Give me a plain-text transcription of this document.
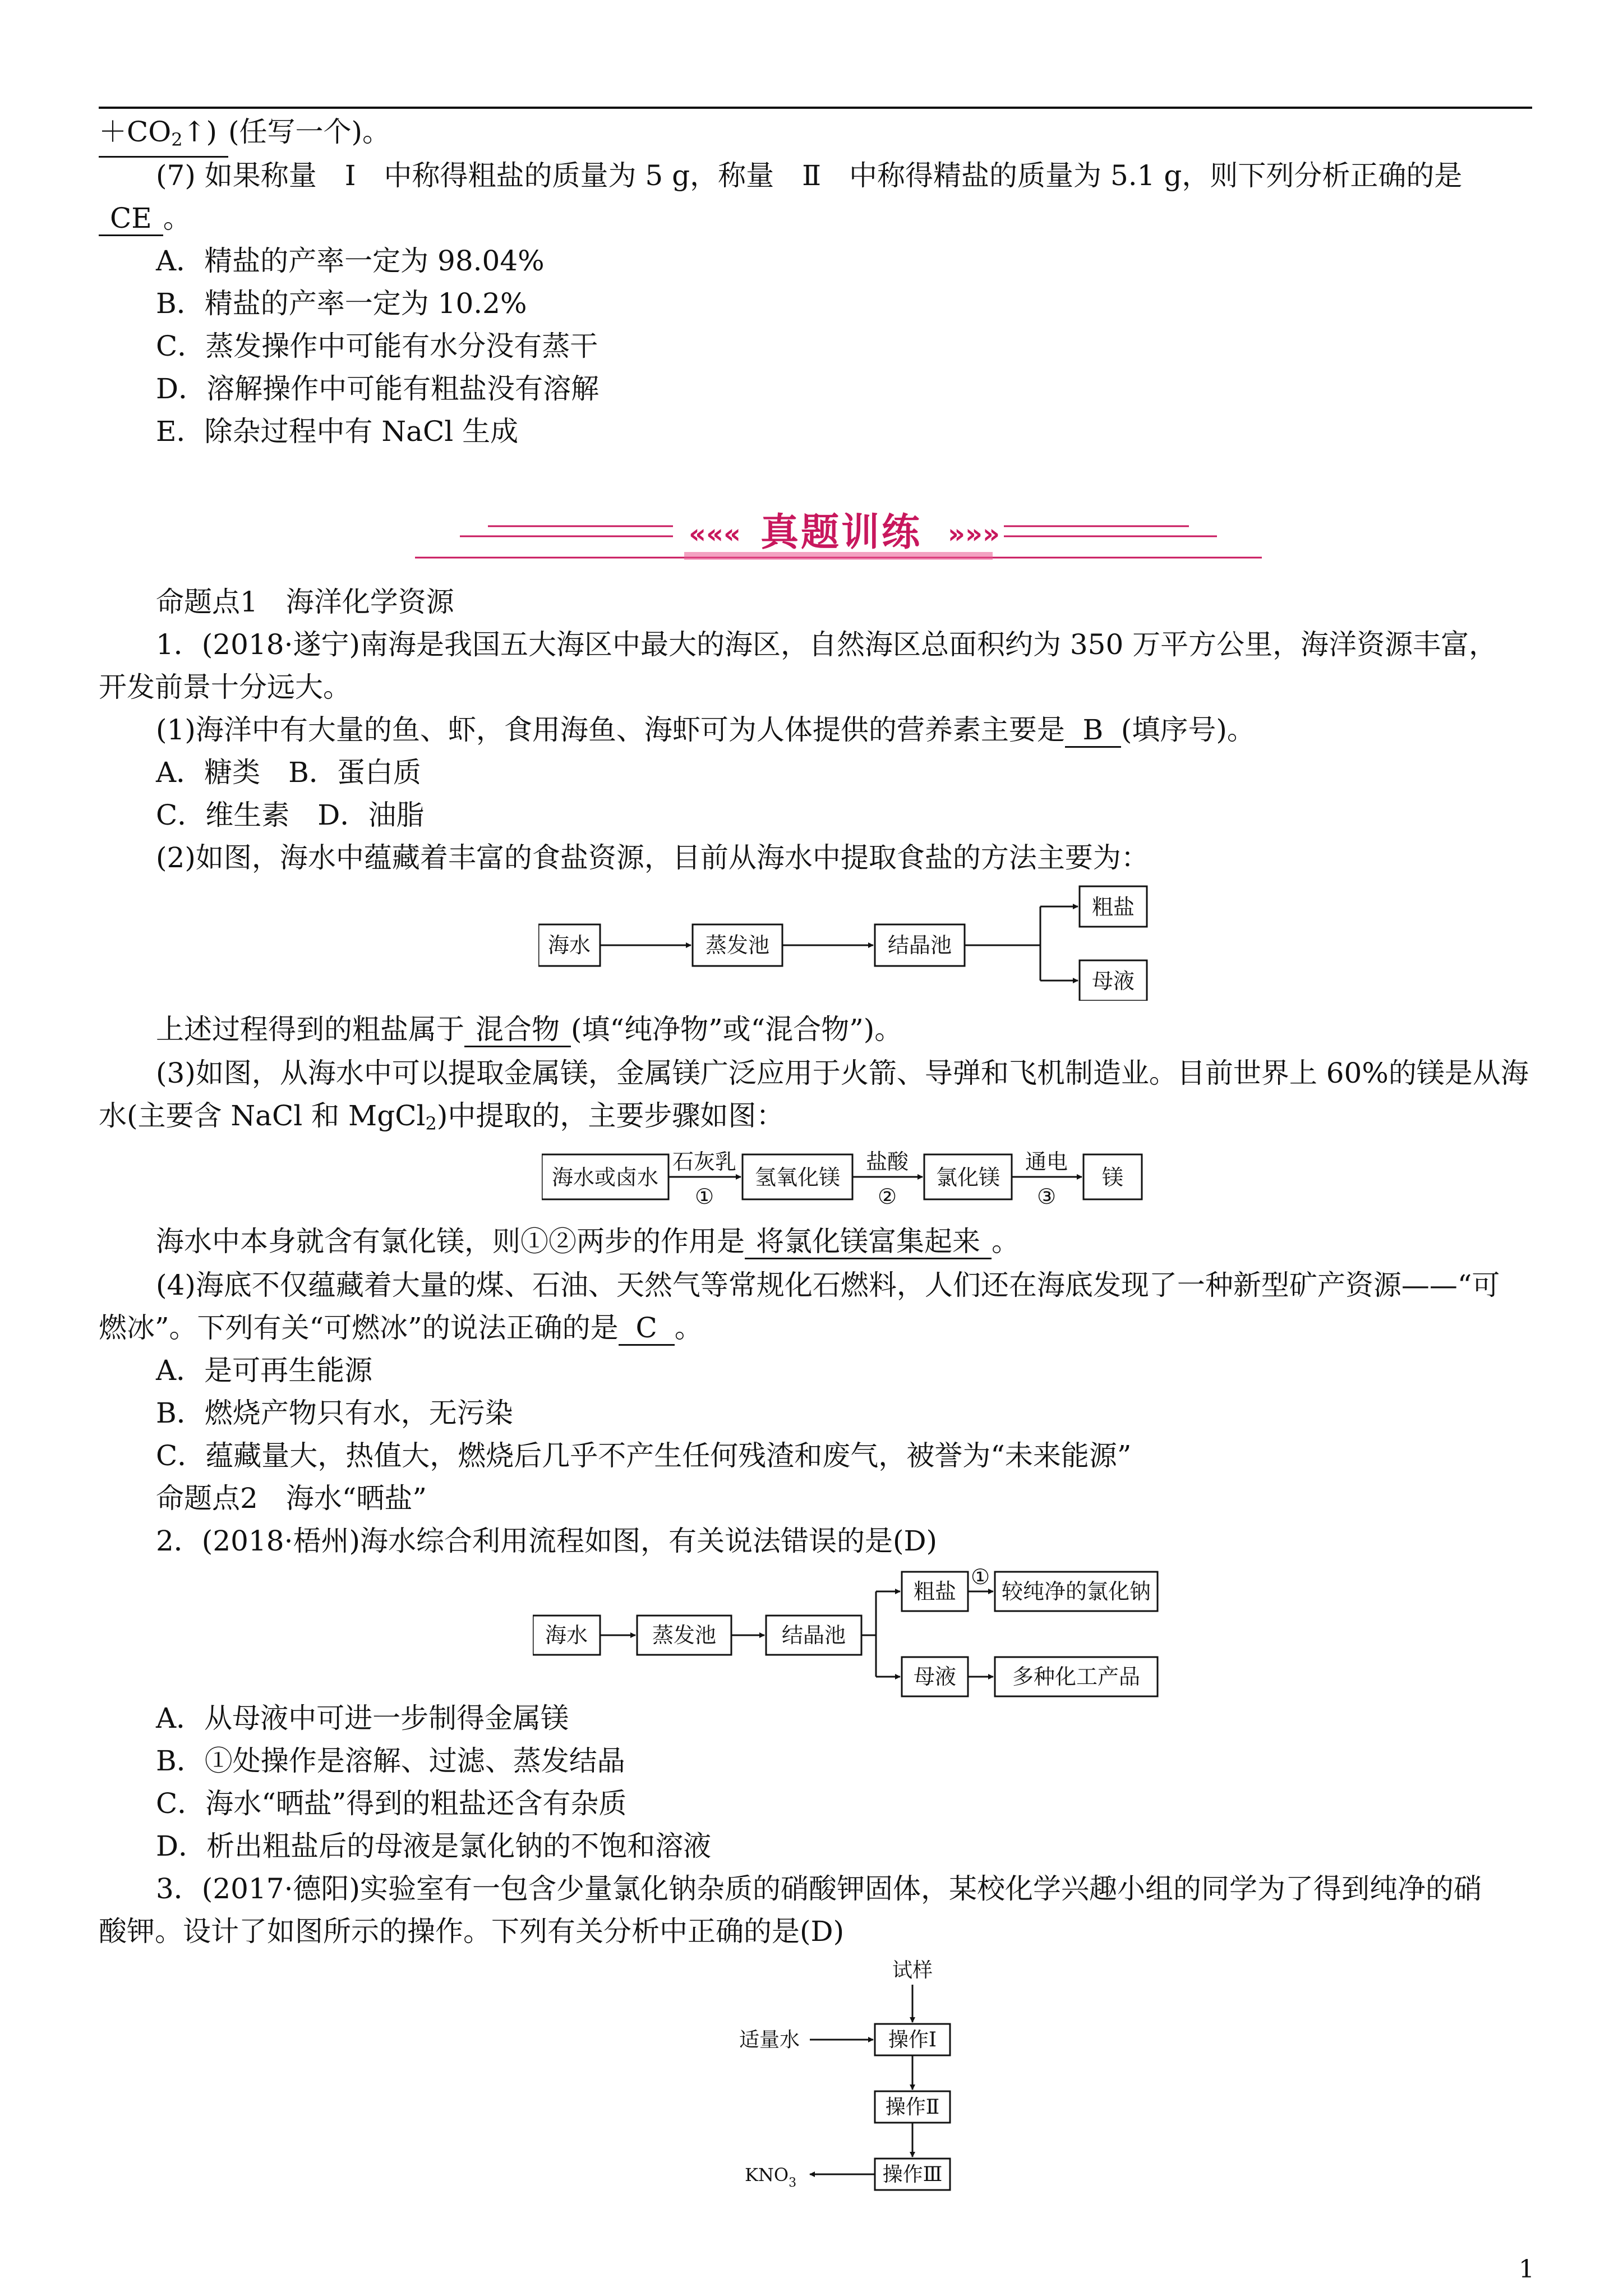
$+CO_2↑$) (任写一个)。
(7) 如果称量　Ⅰ　中称得粗盐的质量为 5 g，称量　Ⅱ　中称得精盐的质量为 5.1 g，则下列分析正确的是
CE 。
A．精盐的产率一定为 98.04%
B．精盐的产率一定为 10.2%
C．蒸发操作中可能有水分没有蒸干
D．溶解操作中可能有粗盐没有溶解
E．除杂过程中有 NaCl 生成
«««	»»»
真题训练
命题点1　海洋化学资源
1．(2018·遂宁)南海是我国五大海区中最大的海区，自然海区总面积约为 350 万平方公里，海洋资源丰富，
开发前景十分远大。
(1)海洋中有大量的鱼、虾，食用海鱼、海虾可为人体提供的营养素主要是 B (填序号)。
A．糖类　B．蛋白质
C．维生素　D．油脂
(2)如图，海水中蕴藏着丰富的食盐资源，目前从海水中提取食盐的方法主要为：
海水	蒸发池	结晶池
粗盐
母液
上述过程得到的粗盐属于 混合物 (填“纯净物”或“混合物”)。
(3)如图，从海水中可以提取金属镁，金属镁广泛应用于火箭、导弹和飞机制造业。目前世界上 60%的镁是从海
水(主要含 NaCl 和 MgCl$_2$)中提取的，主要步骤如图：
海水或卤水	氢氧化镁	氯化镁	镁
石灰乳	盐酸	通电
①	②	③
海水中本身就含有氯化镁，则①②两步的作用是 将氯化镁富集起来 。
(4)海底不仅蕴藏着大量的煤、石油、天然气等常规化石燃料，人们还在海底发现了一种新型矿产资源——“可
燃冰”。下列有关“可燃冰”的说法正确的是 C 。
A．是可再生能源
B．燃烧产物只有水，无污染
C．蕴藏量大，热值大，燃烧后几乎不产生任何残渣和废气，被誉为“未来能源”
命题点2　海水“晒盐”
2．(2018·梧州)海水综合利用流程如图，有关说法错误的是(D)
海水	蒸发池	结晶池
粗盐 较纯净的氯化钠
母液	多种化工产品
①
A．从母液中可进一步制得金属镁
B．①处操作是溶解、过滤、蒸发结晶
C．海水“晒盐”得到的粗盐还含有杂质
D．析出粗盐后的母液是氯化钠的不饱和溶液
3．(2017·德阳)实验室有一包含少量氯化钠杂质的硝酸钾固体，某校化学兴趣小组的同学为了得到纯净的硝
酸钾。设计了如图所示的操作。下列有关分析中正确的是(D)
试样
适量水	操作Ⅰ
操作Ⅱ
操作Ⅲ
$KNO_3$
1
